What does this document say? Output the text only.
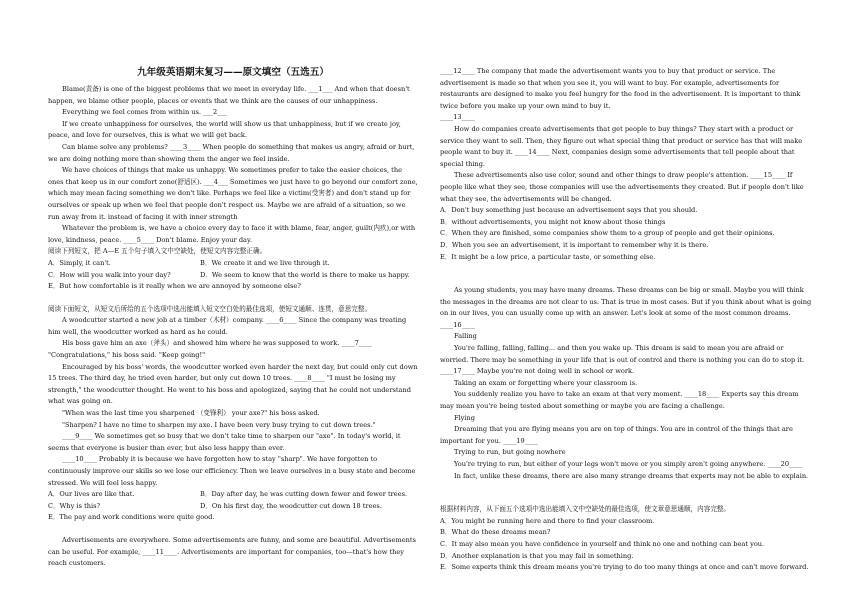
九年级英语期末复习——原文填空（五选五）

Blame(责备) is one of the biggest problems that we meet in everyday life. ___1___ And when that doesn't happen, we blame other people, places or events that we think are the causes of our unhappiness.

Everything we feel comes from within us. ___2___

If we create unhappiness for ourselves, the world will show us that unhappiness, but if we create joy, peace, and love for ourselves, this is what we will get back.

Can blame solve any problems? ____3____ When people do something that makes us angry, afraid or hurt, we are doing nothing more than showing them the anger we feel inside.

We have choices of things that make us unhappy. We sometimes prefer to take the easier choices, the ones that keep us in our comfort zone(舒适区). ___4___ Sometimes we just have to go beyond our comfort zone, which may mean facing something we don't like. Perhaps we feel like a victim(受害者) and don't stand up for ourselves or speak up when we feel that people don't respect us. Maybe we are afraid of a situation, so we run away from it. instead of facing it with inner strength

Whatever the problem is, we have a choice every day to face it with blame, fear, anger, guilt(内疚),or with love, kindness, peace. ____5____ Don't blame. Enjoy your day.

阅读下列短文，把 A—E 五个句子填入文中空缺处，使短文内容完整正确。

A．Simply, it can't.	B．We create it and we live through it.
C．How will you walk into your day?	D．We seem to know that the world is there to make us happy.

E．But how comfortable is it really when we are annoyed by someone else?

阅读下面短文，从短文后所给的五个选项中选出能填入短文空白处的最佳选项，使短文通顺、连贯，意思完整。

A woodcutter started a new job at a timber（木材）company. ____6____ Since the company was treating him well, the woodcutter worked as hard as he could.

His boss gave him an axe（斧头）and showed him where he was supposed to work. ____7____ "Congratulations," his boss said. "Keep going!"

Encouraged by his boss' words, the woodcutter worked even harder the next day, but could only cut down 15 trees. The third day, he tried even harder, but only cut down 10 trees. ____8____ "I must be losing my strength," the woodcutter thought. He went to his boss and apologized, saying that he could not understand what was going on.

"When was the last time you sharpened （变锋利） your axe?" his boss asked.

"Sharpen? I have no time to sharpen my axe. I have been very busy trying to cut down trees."

____9____ We sometimes get so busy that we don't take time to sharpen our "axe". In today's world, it seems that everyone is busier than ever, but also less happy than ever.

____10____ Probably it is because we have forgotten how to stay "sharp". We have forgotten to continuously improve our skills so we lose our efficiency. Then we leave ourselves in a busy state and become stressed. We will feel less happy.

A．Our lives are like that.	B．Day after day, he was cutting down fewer and fewer trees.
C．Why is this?	D．On his first day, the woodcutter cut down 18 trees.

E．The pay and work conditions were quite good.

Advertisements are everywhere. Some advertisements are funny, and some are beautiful. Advertisements can be useful. For example, ____11____. Advertisements are important for companies, too—that's how they reach customers.

____12____ The company that made the advertisement wants you to buy that product or service. The advertisement is made so that when you see it, you will want to buy. For example, advertisements for restaurants are designed to make you feel hungry for the food in the advertisement. It is important to think twice before you make up your own mind to buy it.

____13____

How do companies create advertisements that get people to buy things? They start with a product or service they want to sell. Then, they figure out what special thing that product or service has that will make people want to buy it. ____14____ Next, companies design some advertisements that tell people about that special thing.

These advertisements also use color, sound and other things to draw people's attention. ____15____ If people like what they see, those companies will use the advertisements they created. But if people don't like what they see, the advertisements will be changed.

A．Don't buy something just because an advertisement says that you should.

B．without advertisements, you might not know about those things

C．When they are finished, some companies show them to a group of people and get their opinions.

D．When you see an advertisement, it is important to remember why it is there.

E．It might be a low price, a particular taste, or something else.

As young students, you may have many dreams. These dreams can be big or small. Maybe you will think the messages in the dreams are not clear to us. That is true in most cases. But if you think about what is going on in our lives, you can usually come up with an answer. Let's look at some of the most common dreams. ____16____

Falling

You're falling, falling, falling... and then you wake up. This dream is said to mean you are afraid or worried. There may be something in your life that is out of control and there is nothing you can do to stop it. ____17____ Maybe you're not doing well in school or work.

Taking an exam or forgetting where your classroom is.

You suddenly realize you have to take an exam at that very moment. ____18____ Experts say this dream may mean you're being tested about something or maybe you are facing a challenge.

Flying

Dreaming that you are flying means you are on top of things. You are in control of the things that are important for you. ____19____

Trying to run, but going nowhere

You're trying to run, but either of your legs won't move or you simply aren't going anywhere. ____20____

In fact, unlike these dreams, there are also many strange dreams that experts may not be able to explain.

根据材料内容，从下面五个选项中选出能填入文中空缺处的最佳选项，使文章意思通顺，内容完整。

A．You might be running here and there to find your classroom.

B．What do these dreams mean?

C．It may also mean you have confidence in yourself and think no one and nothing can beat you.

D．Another explanation is that you may fail in something.

E．Some experts think this dream means you're trying to do too many things at once and can't move forward.
